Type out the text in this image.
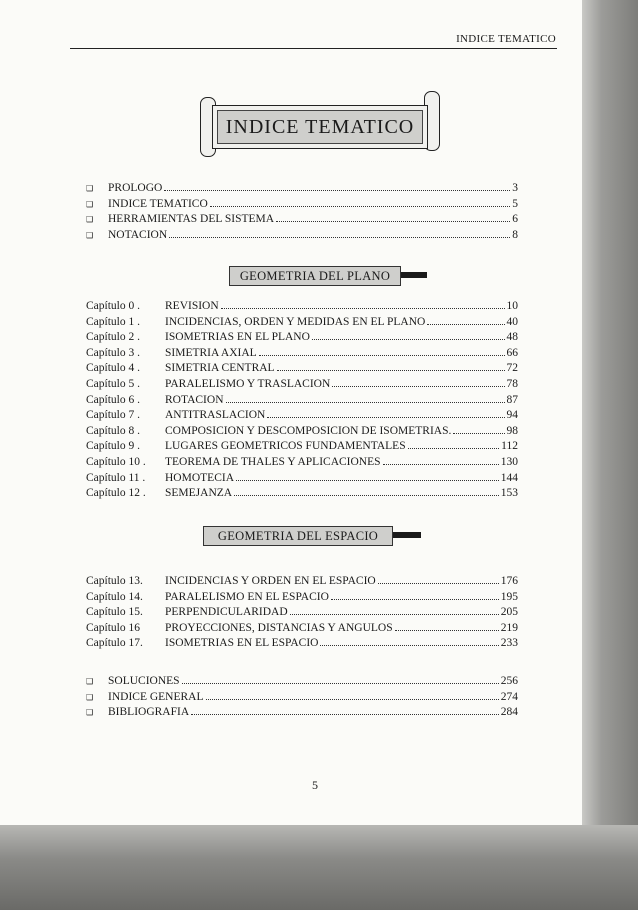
INDICE TEMATICO
INDICE TEMATICO
❑	PROLOGO	3
❑	INDICE TEMATICO	5
❑	HERRAMIENTAS DEL SISTEMA	6
❑	NOTACION	8
GEOMETRIA DEL PLANO
Capítulo 0 .	REVISION	10
Capítulo 1 .	INCIDENCIAS, ORDEN Y MEDIDAS EN EL PLANO	40
Capítulo 2 .	ISOMETRIAS EN EL PLANO	48
Capítulo 3 .	SIMETRIA AXIAL	66
Capítulo 4 .	SIMETRIA CENTRAL	72
Capítulo 5 .	PARALELISMO Y TRASLACION	78
Capítulo 6 .	ROTACION	87
Capítulo 7 .	ANTITRASLACION	94
Capítulo 8 .	COMPOSICION Y DESCOMPOSICION DE ISOMETRIAS.	98
Capítulo 9 .	LUGARES GEOMETRICOS FUNDAMENTALES	112
Capítulo 10 .	TEOREMA DE THALES Y APLICACIONES	130
Capítulo 11 .	HOMOTECIA	144
Capítulo 12 .	SEMEJANZA	153
GEOMETRIA DEL ESPACIO
Capítulo 13.	INCIDENCIAS Y ORDEN EN EL ESPACIO	176
Capítulo 14.	PARALELISMO EN EL ESPACIO	195
Capítulo 15.	PERPENDICULARIDAD	205
Capítulo 16	PROYECCIONES, DISTANCIAS Y ANGULOS	219
Capítulo 17.	ISOMETRIAS EN EL ESPACIO	233
❑	SOLUCIONES	256
❑	INDICE GENERAL	274
❑	BIBLIOGRAFIA	284
5
